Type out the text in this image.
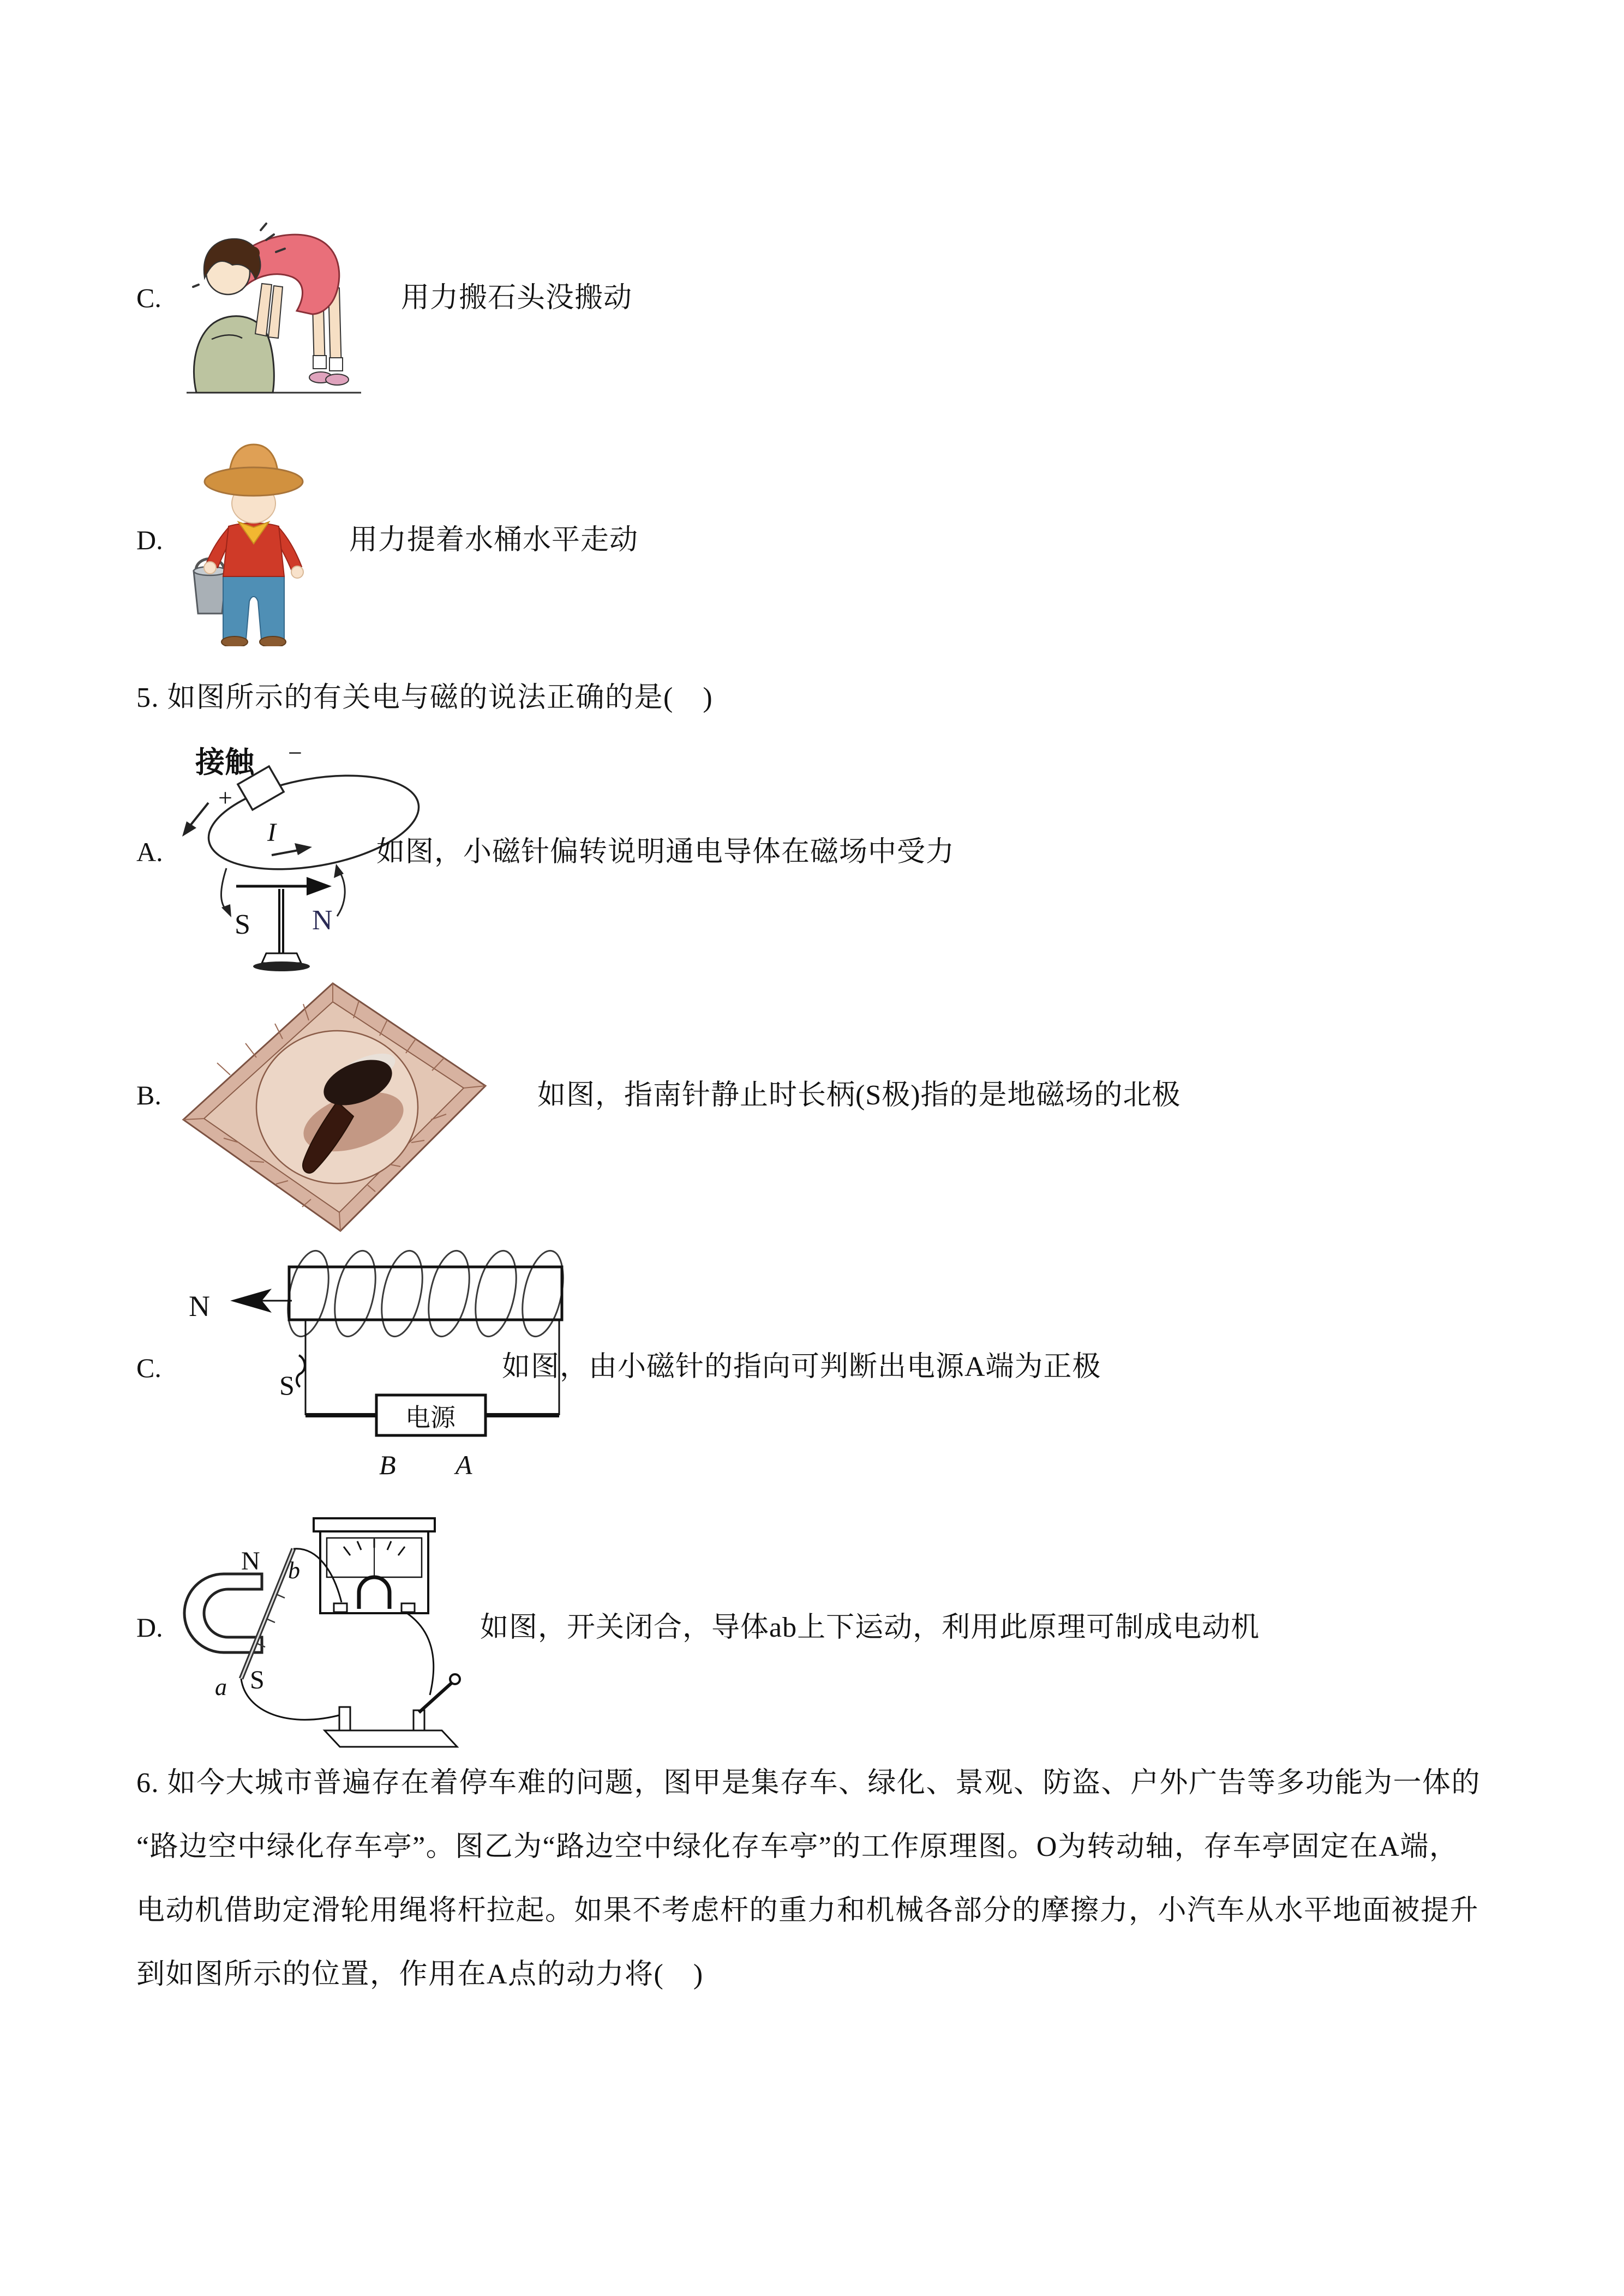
C.	用力搬石头没搬动
D.	用力提着水桶水平走动
5. 如图所示的有关电与磁的说法正确的是(　)
A.
接触
+
−
I
S N
如图，小磁针偏转说明通电导体在磁场中受力
B.	如图，指南针静止时长柄(S极)指的是地磁场的北极
C.
N
S
电源
B A
如图，由小磁针的指向可判断出电源A端为正极
D.
N b
a S
如图，开关闭合，导体ab上下运动，利用此原理可制成电动机
6. 如今大城市普遍存在着停车难的问题，图甲是集存车、绿化、景观、防盗、户外广告等多功能为一体的
“路边空中绿化存车亭”。图乙为“路边空中绿化存车亭”的工作原理图。O为转动轴，存车亭固定在A端，
电动机借助定滑轮用绳将杆拉起。如果不考虑杆的重力和机械各部分的摩擦力，小汽车从水平地面被提升
到如图所示的位置，作用在A点的动力将(　)
